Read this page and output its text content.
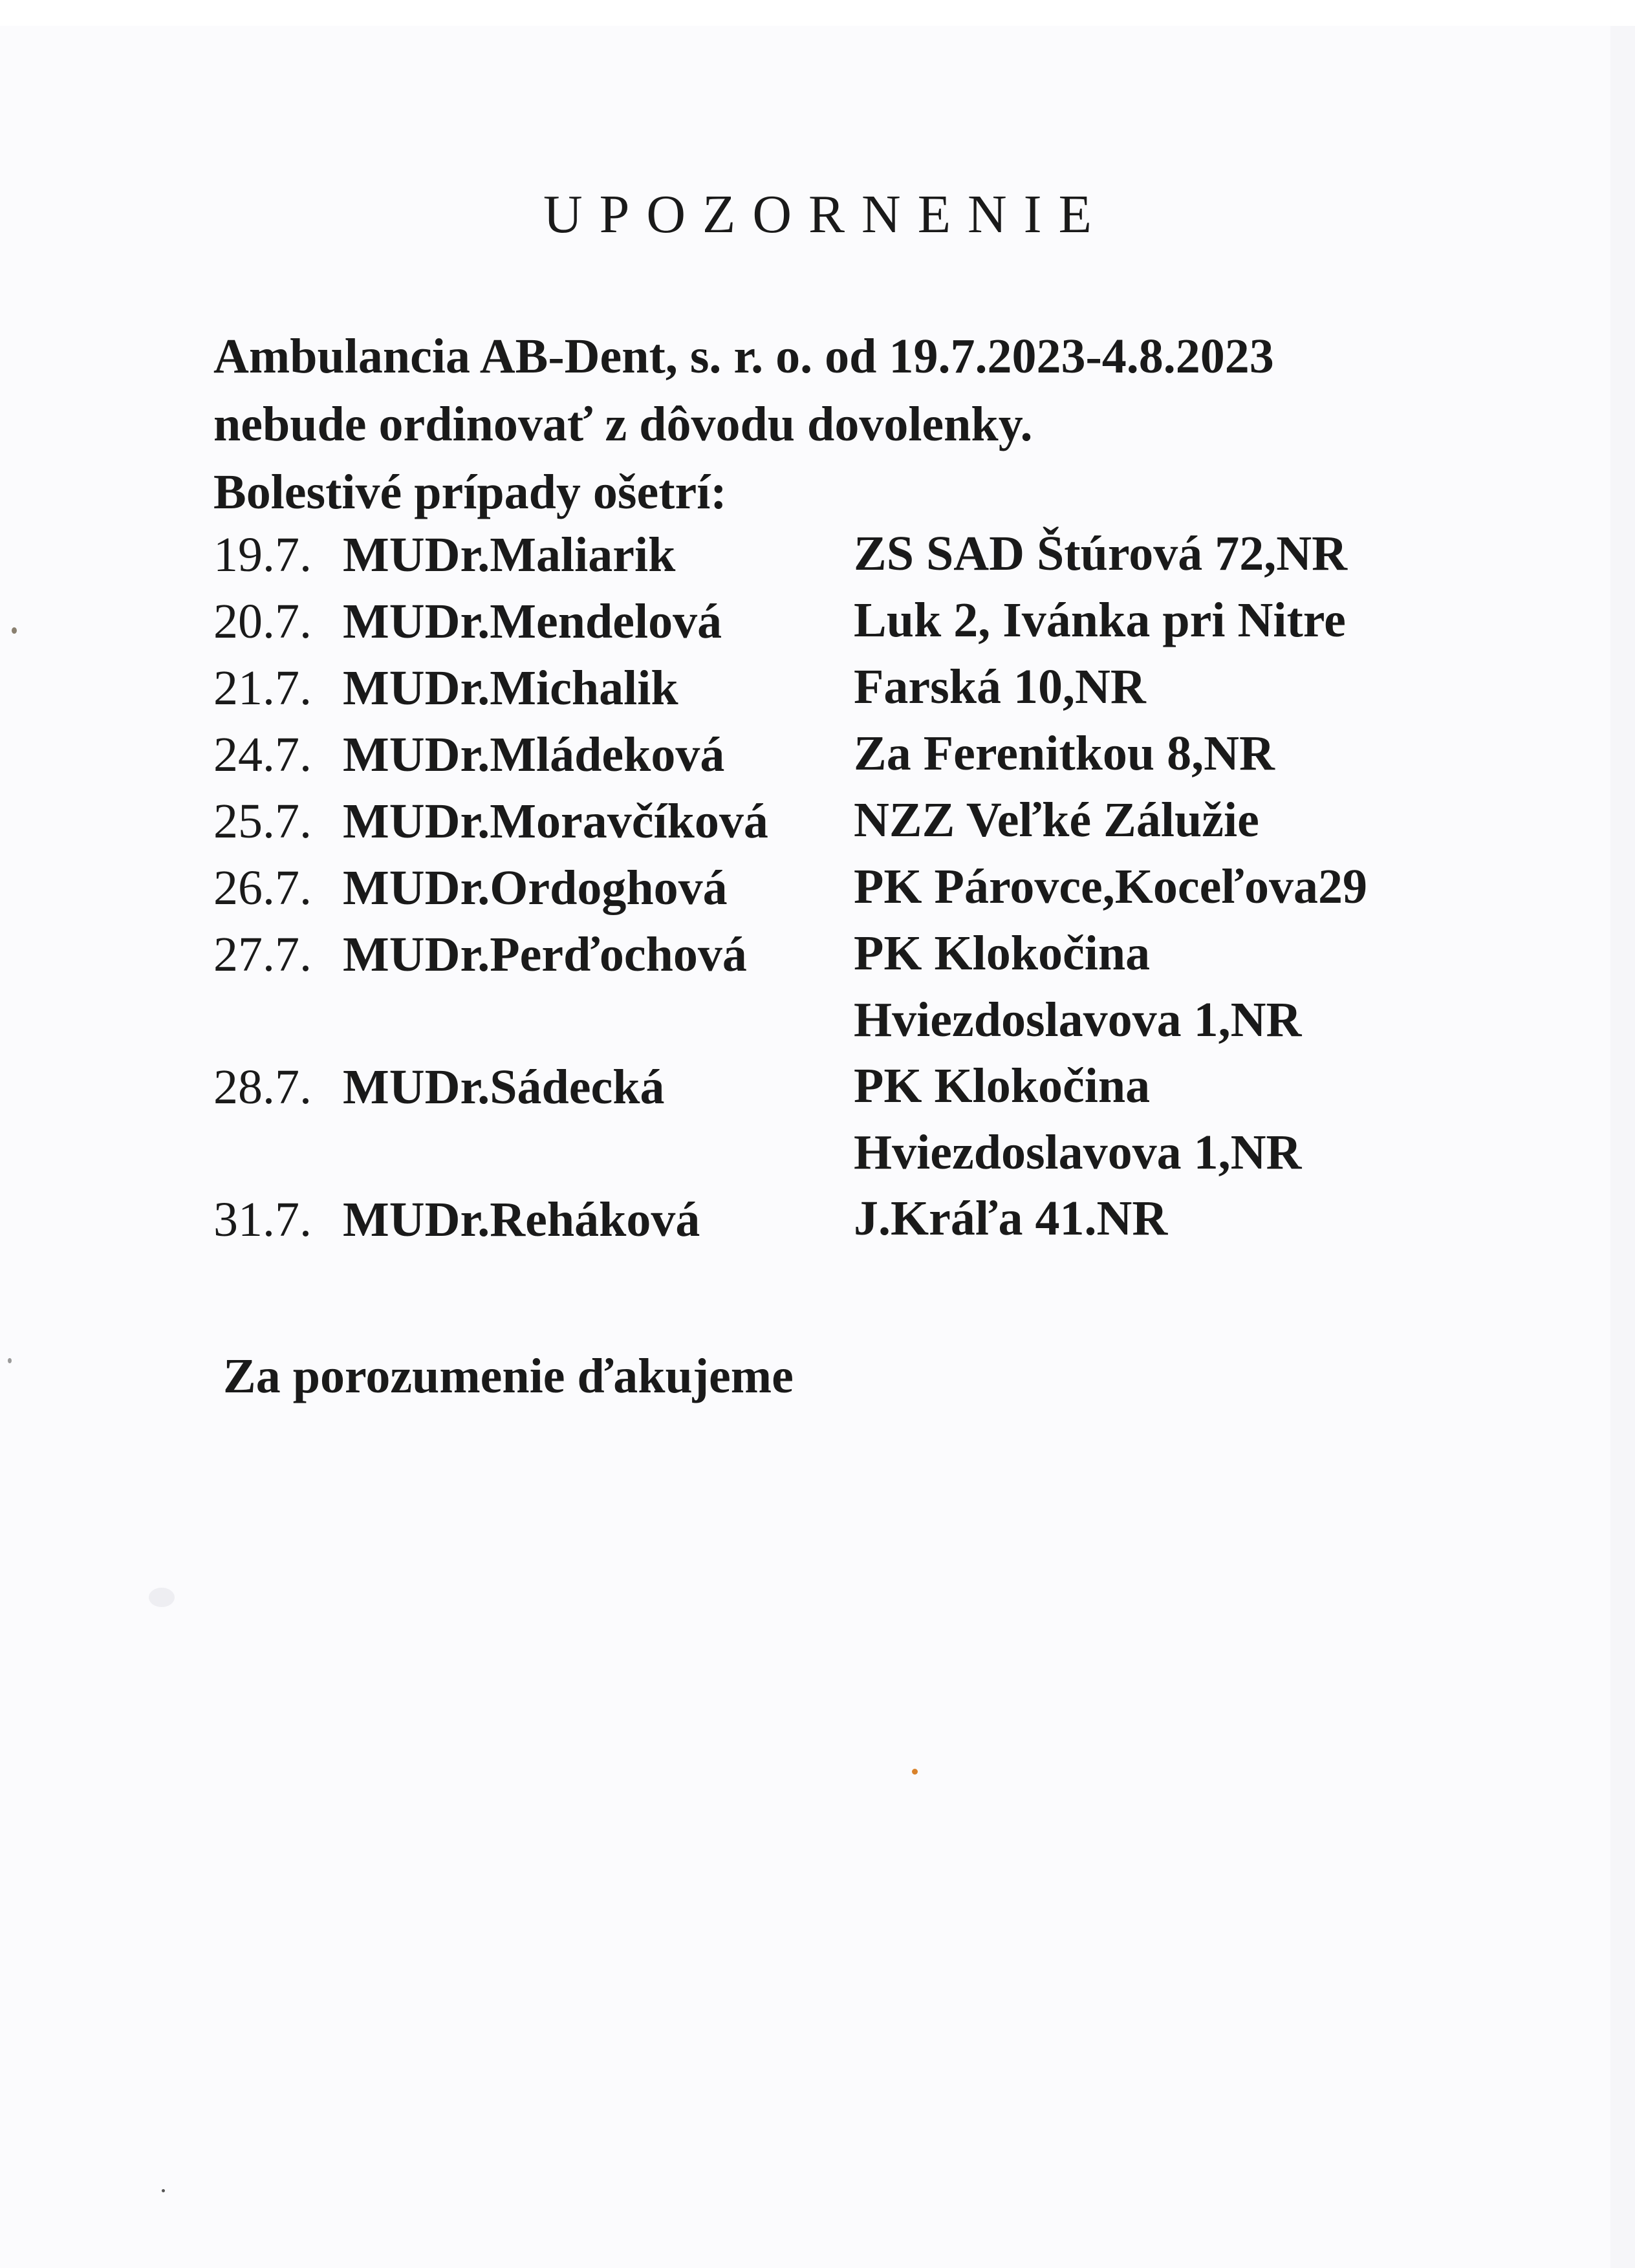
UPOZORNENIE
Ambulancia AB-Dent, s. r. o. od 19.7.2023-4.8.2023
nebude ordinovať z dôvodu dovolenky.
Bolestivé prípady ošetrí:
19.7. MUDr.Maliarik	ZS SAD Štúrová 72,NR
20.7. MUDr.Mendelová	Luk 2, Ivánka pri Nitre
21.7. MUDr.Michalik	Farská 10,NR
24.7. MUDr.Mládeková	Za Ferenitkou 8,NR
25.7. MUDr.Moravčíková NZZ Veľké Zálužie
26.7. MUDr.Ordoghová	PK Párovce,Koceľova29
27.7. MUDr.Perďochová PK Klokočina
Hviezdoslavova 1,NR
28.7. MUDr.Sádecká	PK Klokočina
Hviezdoslavova 1,NR
31.7. MUDr.Reháková	J.Kráľa 41.NR
Za porozumenie ďakujeme
